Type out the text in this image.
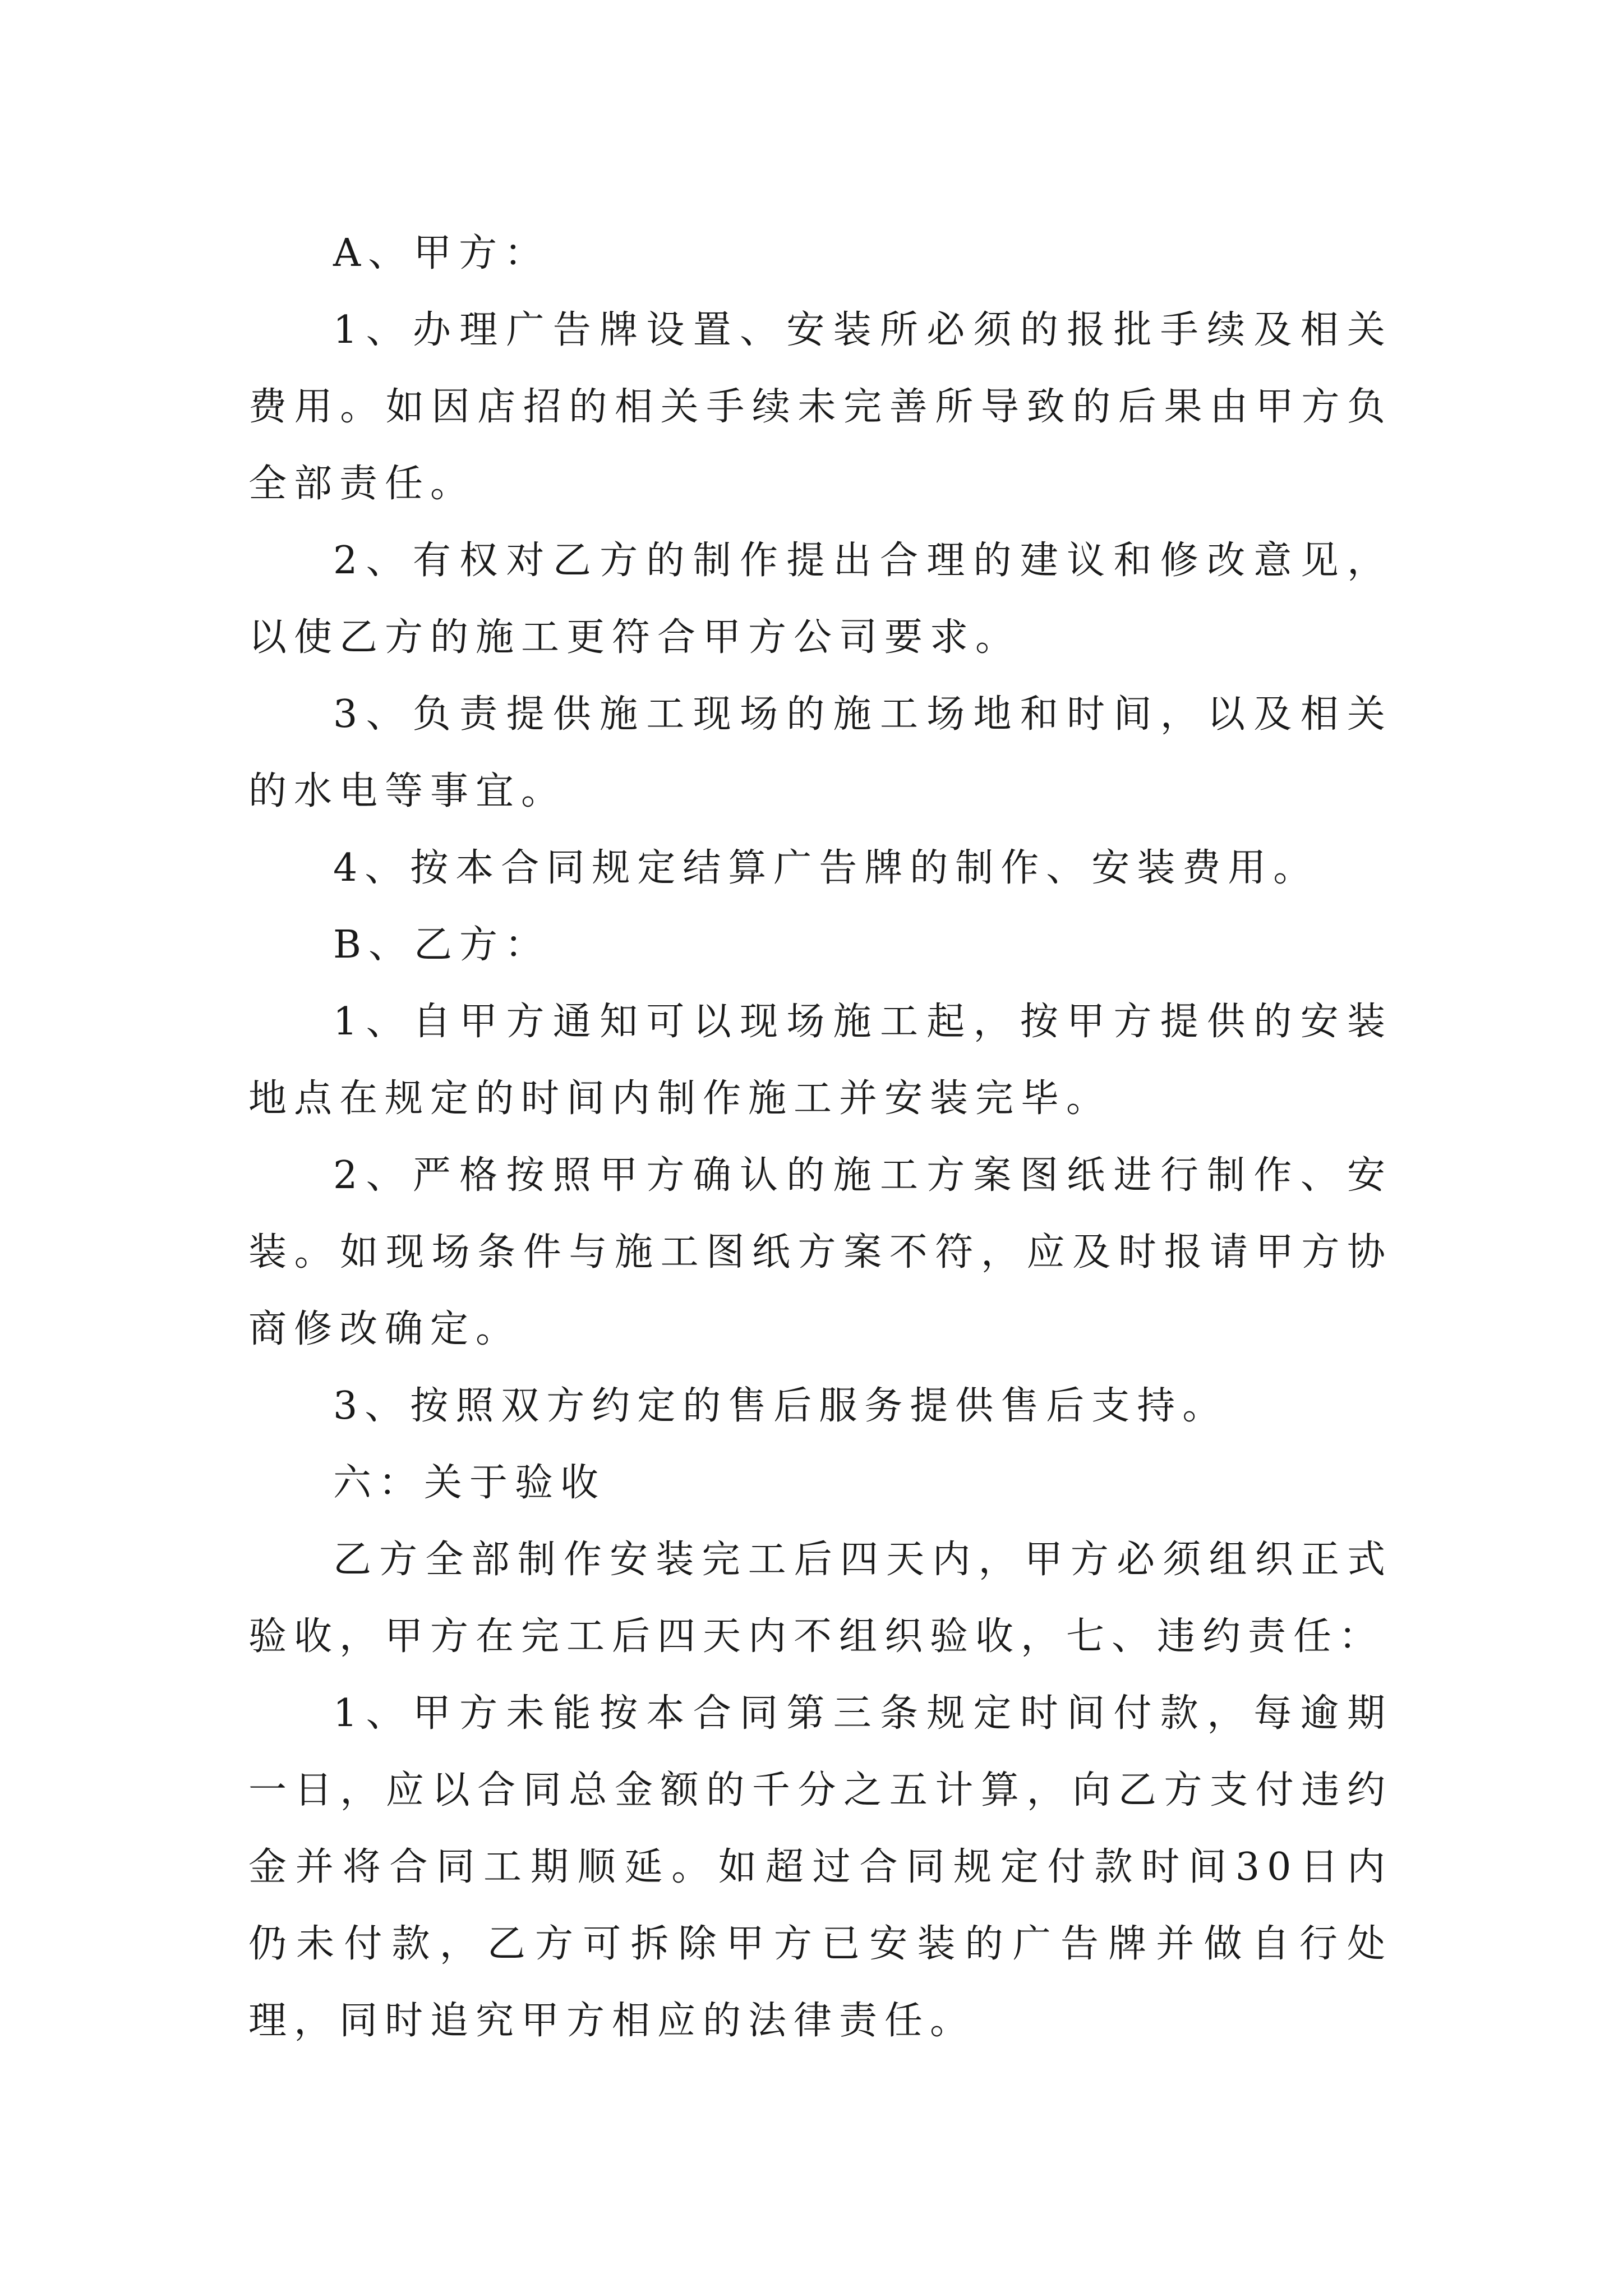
A、甲方：

1、办理广告牌设置、安装所必须的报批手续及相关费用。如因店招的相关手续未完善所导致的后果由甲方负全部责任。

2、有权对乙方的制作提出合理的建议和修改意见，以使乙方的施工更符合甲方公司要求。

3、负责提供施工现场的施工场地和时间，以及相关的水电等事宜。

4、按本合同规定结算广告牌的制作、安装费用。

B、乙方：

1、自甲方通知可以现场施工起，按甲方提供的安装地点在规定的时间内制作施工并安装完毕。

2、严格按照甲方确认的施工方案图纸进行制作、安装。如现场条件与施工图纸方案不符，应及时报请甲方协商修改确定。

3、按照双方约定的售后服务提供售后支持。

六：关于验收

乙方全部制作安装完工后四天内，甲方必须组织正式验收，甲方在完工后四天内不组织验收，七、违约责任：

1、甲方未能按本合同第三条规定时间付款，每逾期一日，应以合同总金额的千分之五计算，向乙方支付违约金并将合同工期顺延。如超过合同规定付款时间30日内仍未付款，乙方可拆除甲方已安装的广告牌并做自行处理，同时追究甲方相应的法律责任。
